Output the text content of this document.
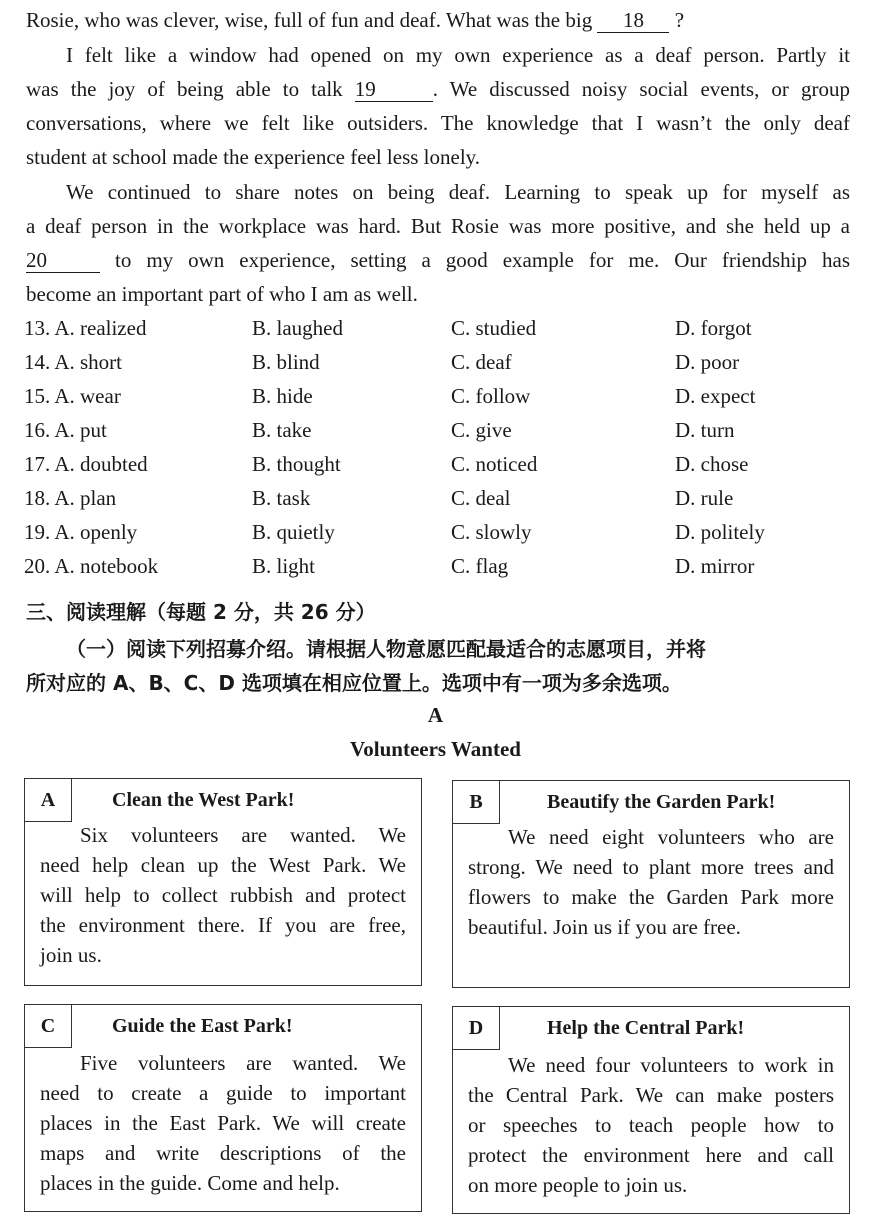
Rosie, who was clever, wise, full of fun and deaf. What was the big 18 ?
I felt like a window had opened on my own experience as a deaf person. Partly it
was the joy of being able to talk 19	. We discussed noisy social events, or group
conversations, where we felt like outsiders. The knowledge that I wasn’t the only deaf
student at school made the experience feel less lonely.
We continued to share notes on being deaf. Learning to speak up for myself as
a deaf person in the workplace was hard. But Rosie was more positive, and she held up a
20	to my own experience, setting a good example for me. Our friendship has
become an important part of who I am as well.
13. A. realized	B. laughed	C. studied	D. forgot
14. A. short	B. blind	C. deaf	D. poor
15. A. wear	B. hide	C. follow	D. expect
16. A. put	B. take	C. give	D. turn
17. A. doubted	B. thought	C. noticed	D. chose
18. A. plan	B. task	C. deal	D. rule
19. A. openly	B. quietly	C. slowly	D. politely
20. A. notebook	B. light	C. flag	D. mirror
三、阅读理解（每题 2 分，共 26 分）
（一）阅读下列招募介绍。请根据人物意愿匹配最适合的志愿项目，并将
所对应的 A、B、C、D 选项填在相应位置上。选项中有一项为多余选项。
A
Volunteers Wanted
A	Clean the West Park!
Six volunteers are wanted. We
need help clean up the West Park. We
will help to collect rubbish and protect
the environment there. If you are free,
join us.
B	Beautify the Garden Park!
We need eight volunteers who are
strong. We need to plant more trees and
flowers to make the Garden Park more
beautiful. Join us if you are free.
C	Guide the East Park!
Five volunteers are wanted. We
need to create a guide to important
places in the East Park. We will create
maps and write descriptions of the
places in the guide. Come and help.
D	Help the Central Park!
We need four volunteers to work in
the Central Park. We can make posters
or speeches to teach people how to
protect the environment here and call
on more people to join us.
